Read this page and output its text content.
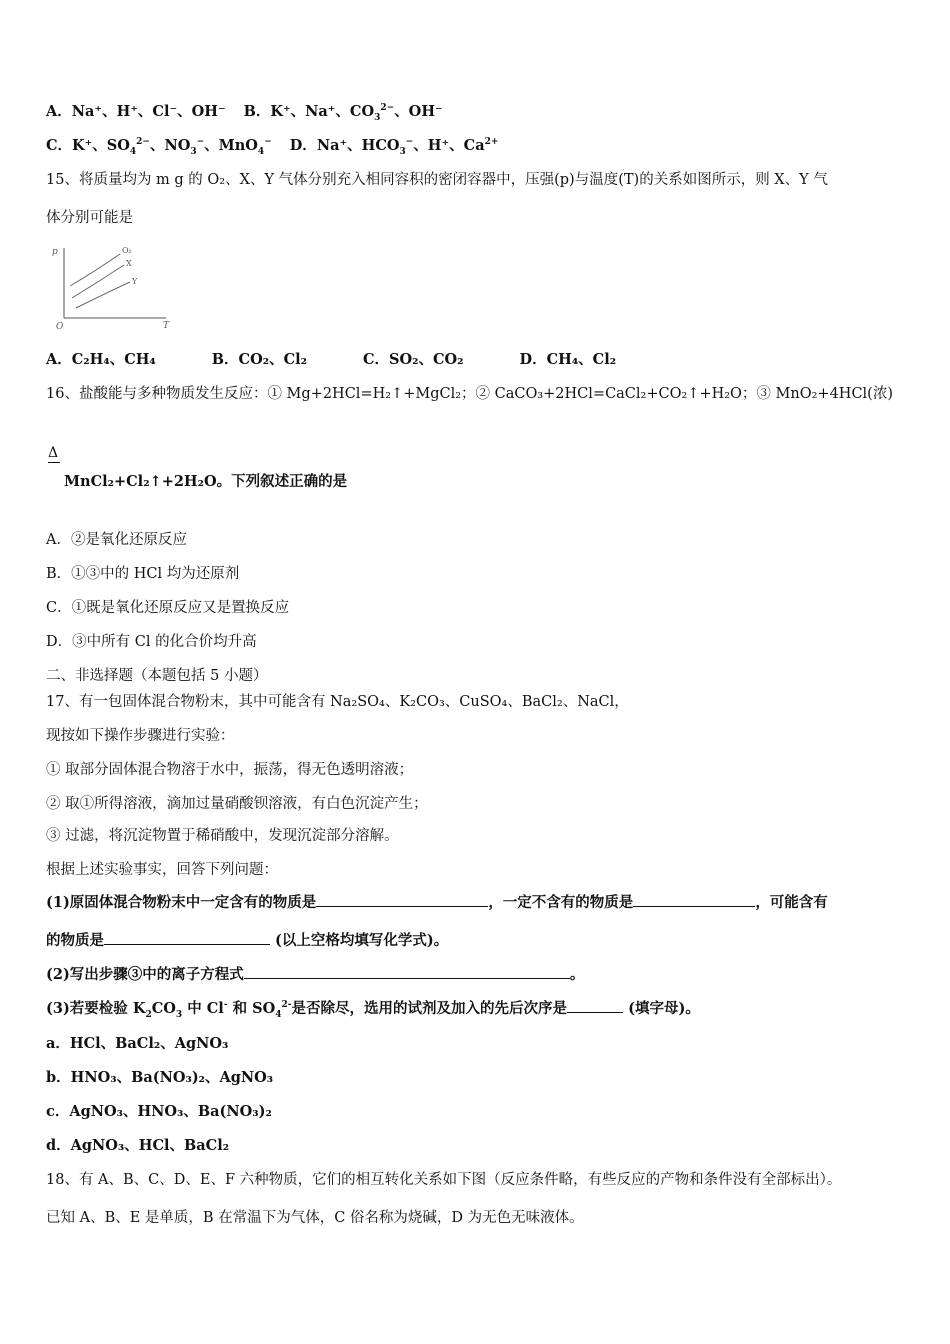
A．Na⁺、H⁺、Cl⁻、OH⁻ B．K⁺、Na⁺、$CO_3^{2-}$、OH⁻
C．K⁺、$SO_4^{2-}$、$NO_3^-$、MnO$_4$− D．Na⁺、$HCO_3^-$、H⁺、$Ca^{2+}$
15、将质量均为 m g 的 O₂、X、Y 气体分别充入相同容积的密闭容器中，压强(p)与温度(T)的关系如图所示，则 X、Y 气
体分别可能是
p
T
O
O₂
X
Y
A．C₂H₄、CH₄	B．CO₂、Cl₂	C．SO₂、CO₂	D．CH₄、Cl₂
16、盐酸能与多种物质发生反应：① Mg+2HCl=H₂↑+MgCl₂；② CaCO₃+2HCl=CaCl₂+CO₂↑+H₂O；③ MnO₂+4HCl(浓)
Δ
MnCl₂+Cl₂↑+2H₂O。下列叙述正确的是
A．②是氧化还原反应
B．①③中的 HCl 均为还原剂
C．①既是氧化还原反应又是置换反应
D．③中所有 Cl 的化合价均升高
二、非选择题（本题包括 5 小题）
17、有一包固体混合物粉末，其中可能含有 Na₂SO₄、K₂CO₃、CuSO₄、BaCl₂、NaCl，
现按如下操作步骤进行实验：
① 取部分固体混合物溶于水中，振荡，得无色透明溶液；
② 取①所得溶液，滴加过量硝酸钡溶液，有白色沉淀产生；
③ 过滤，将沉淀物置于稀硝酸中，发现沉淀部分溶解。
根据上述实验事实，回答下列问题：
(1)原固体混合物粉末中一定含有的物质是	，一定不含有的物质是	，可能含有
的物质是	(以上空格均填写化学式)。
(2)写出步骤③中的离子方程式	。
(3)若要检验 $K_2CO_3$ 中 Cl- 和 $SO_4^{2-}$是否除尽，选用的试剂及加入的先后次序是	(填字母)。
a．HCl、BaCl₂、AgNO₃
b．HNO₃、Ba(NO₃)₂、AgNO₃
c．AgNO₃、HNO₃、Ba(NO₃)₂
d．AgNO₃、HCl、BaCl₂
18、有 A、B、C、D、E、F 六种物质，它们的相互转化关系如下图（反应条件略，有些反应的产物和条件没有全部标出）。
已知 A、B、E 是单质，B 在常温下为气体，C 俗名称为烧碱，D 为无色无味液体。
